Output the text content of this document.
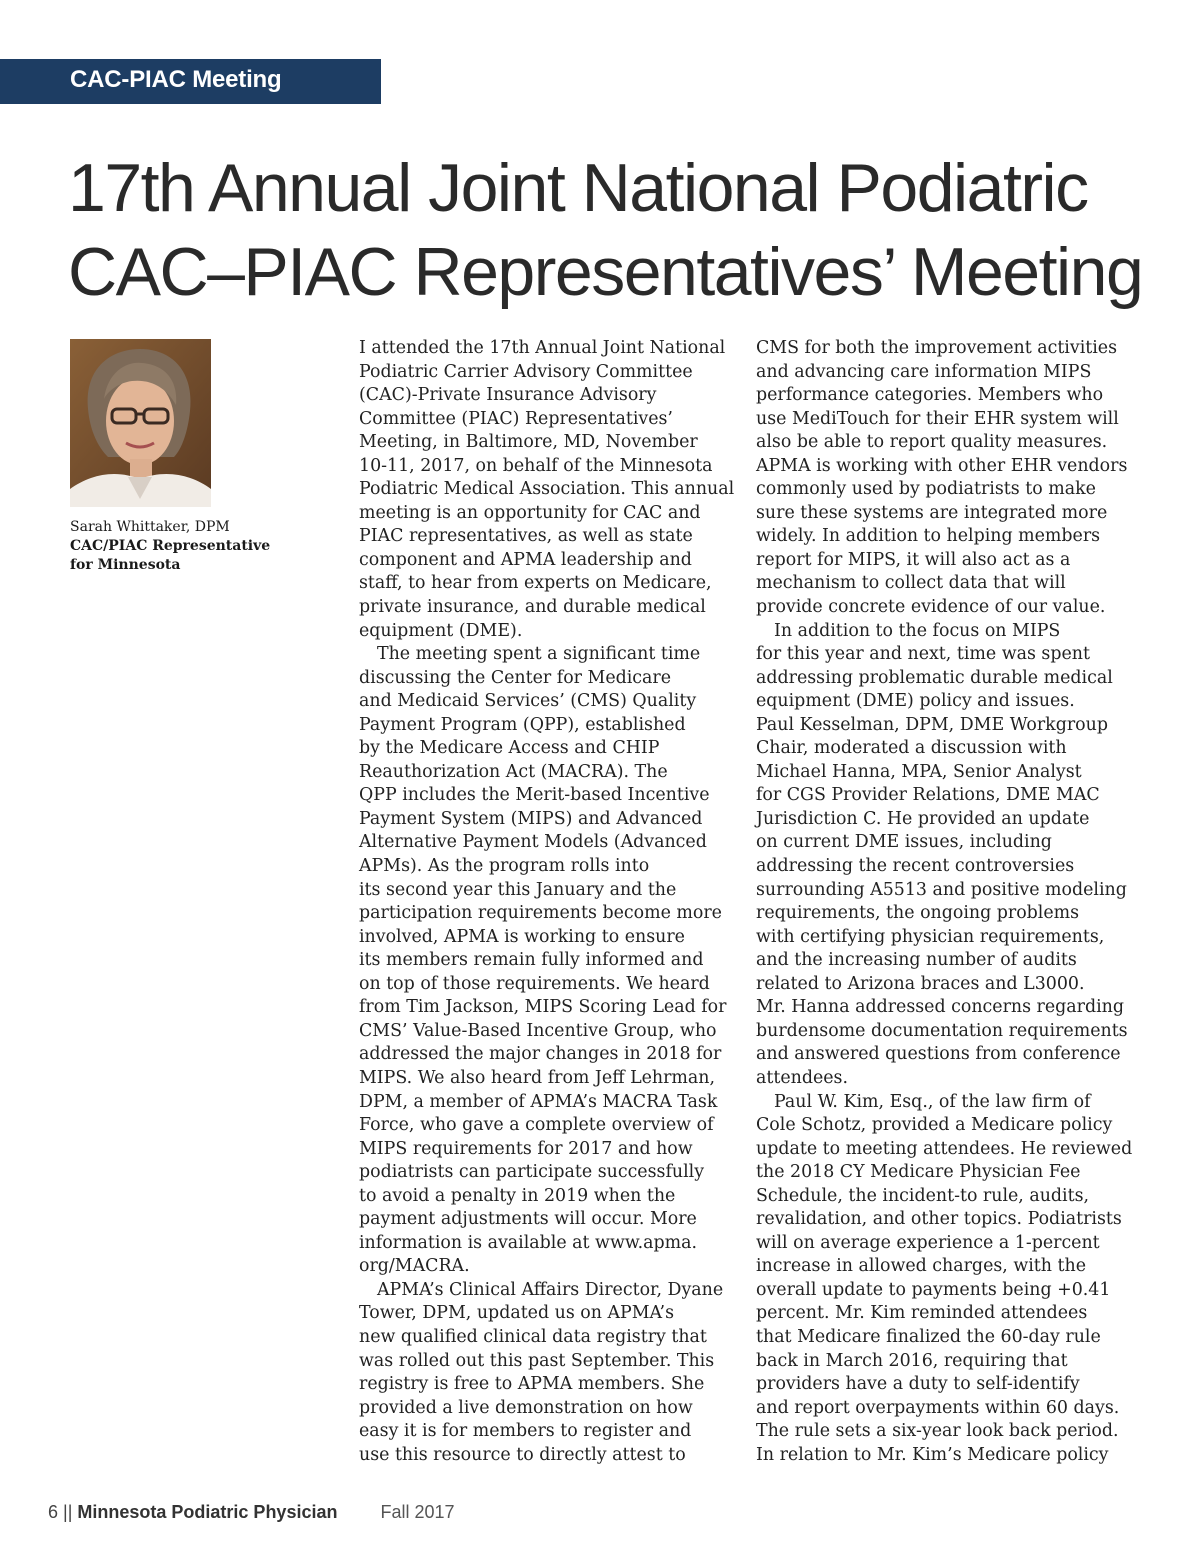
CAC-PIAC Meeting
17th Annual Joint National Podiatric
CAC–PIAC Representatives’ Meeting
Sarah Whittaker, DPM
CAC/PIAC Representative
for Minnesota
I attended the 17th Annual Joint National
Podiatric Carrier Advisory Committee
(CAC)-Private Insurance Advisory
Committee (PIAC) Representatives’
Meeting, in Baltimore, MD, November
10-11, 2017, on behalf of the Minnesota
Podiatric Medical Association. This annual
meeting is an opportunity for CAC and
PIAC representatives, as well as state
component and APMA leadership and
staff, to hear from experts on Medicare,
private insurance, and durable medical
equipment (DME).
The meeting spent a significant time
discussing the Center for Medicare
and Medicaid Services’ (CMS) Quality
Payment Program (QPP), established
by the Medicare Access and CHIP
Reauthorization Act (MACRA). The
QPP includes the Merit-based Incentive
Payment System (MIPS) and Advanced
Alternative Payment Models (Advanced
APMs). As the program rolls into
its second year this January and the
participation requirements become more
involved, APMA is working to ensure
its members remain fully informed and
on top of those requirements. We heard
from Tim Jackson, MIPS Scoring Lead for
CMS’ Value-Based Incentive Group, who
addressed the major changes in 2018 for
MIPS. We also heard from Jeff Lehrman,
DPM, a member of APMA’s MACRA Task
Force, who gave a complete overview of
MIPS requirements for 2017 and how
podiatrists can participate successfully
to avoid a penalty in 2019 when the
payment adjustments will occur. More
information is available at www.apma.
org/MACRA.
APMA’s Clinical Affairs Director, Dyane
Tower, DPM, updated us on APMA’s
new qualified clinical data registry that
was rolled out this past September. This
registry is free to APMA members. She
provided a live demonstration on how
easy it is for members to register and
use this resource to directly attest to
CMS for both the improvement activities
and advancing care information MIPS
performance categories. Members who
use MediTouch for their EHR system will
also be able to report quality measures.
APMA is working with other EHR vendors
commonly used by podiatrists to make
sure these systems are integrated more
widely. In addition to helping members
report for MIPS, it will also act as a
mechanism to collect data that will
provide concrete evidence of our value.
In addition to the focus on MIPS
for this year and next, time was spent
addressing problematic durable medical
equipment (DME) policy and issues.
Paul Kesselman, DPM, DME Workgroup
Chair, moderated a discussion with
Michael Hanna, MPA, Senior Analyst
for CGS Provider Relations, DME MAC
Jurisdiction C. He provided an update
on current DME issues, including
addressing the recent controversies
surrounding A5513 and positive modeling
requirements, the ongoing problems
with certifying physician requirements,
and the increasing number of audits
related to Arizona braces and L3000.
Mr. Hanna addressed concerns regarding
burdensome documentation requirements
and answered questions from conference
attendees.
Paul W. Kim, Esq., of the law firm of
Cole Schotz, provided a Medicare policy
update to meeting attendees. He reviewed
the 2018 CY Medicare Physician Fee
Schedule, the incident-to rule, audits,
revalidation, and other topics. Podiatrists
will on average experience a 1-percent
increase in allowed charges, with the
overall update to payments being +0.41
percent. Mr. Kim reminded attendees
that Medicare finalized the 60-day rule
back in March 2016, requiring that
providers have a duty to self-identify
and report overpayments within 60 days.
The rule sets a six-year look back period.
In relation to Mr. Kim’s Medicare policy
6 || Minnesota Podiatric Physician Fall 2017
